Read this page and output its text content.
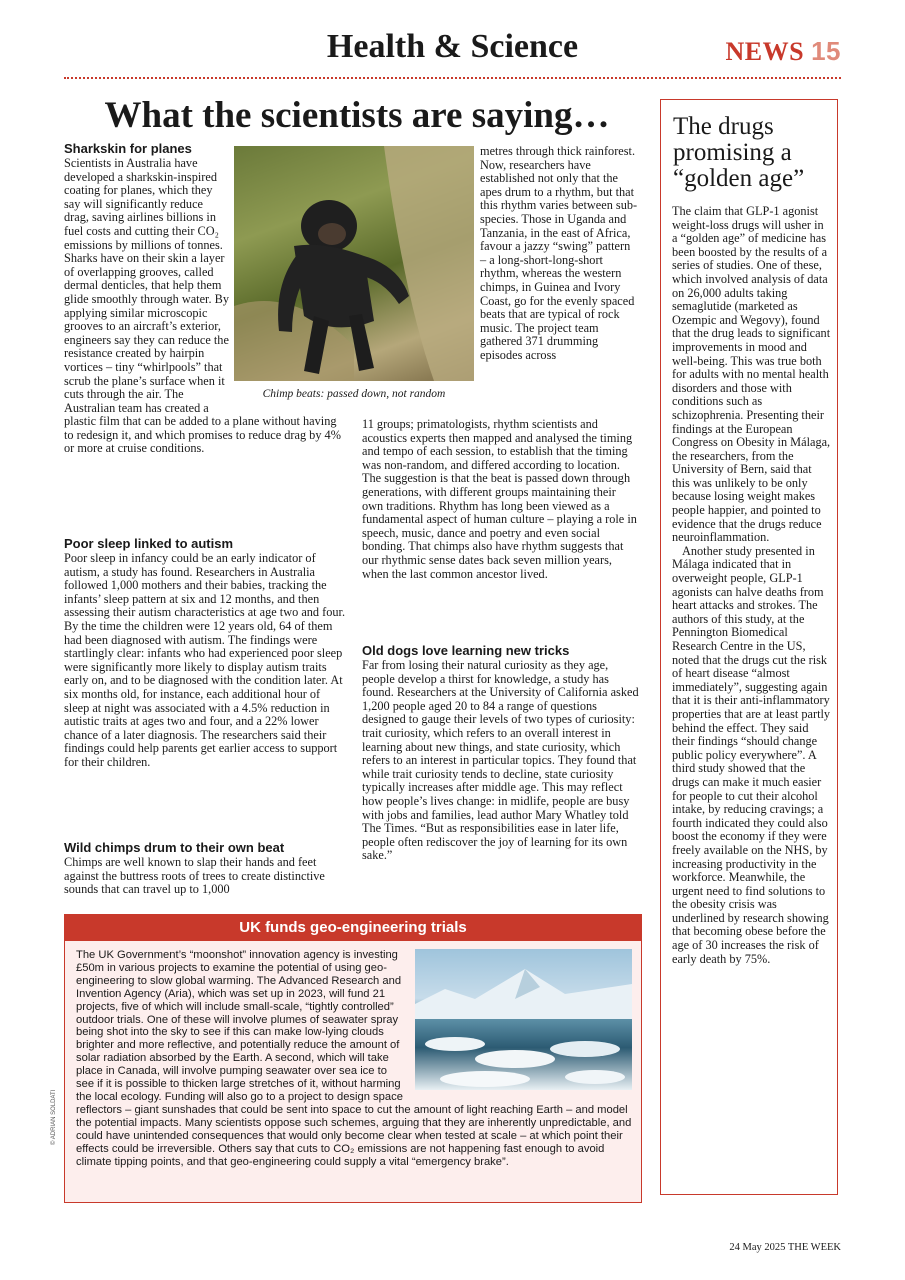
Health & Science	NEWS 15
What the scientists are saying…
Sharkskin for planes

Scientists in Australia have developed a sharkskin-inspired coating for planes, which they say will significantly reduce drag, saving airlines billions in fuel costs and cutting their CO₂ emissions by millions of tonnes. Sharks have on their skin a layer of overlapping grooves, called dermal denticles, that help them glide smoothly through water. By applying similar microscopic grooves to an aircraft’s exterior, engineers say they can reduce the resistance created by hairpin vortices – tiny “whirlpools” that scrub the plane’s surface when it cuts through the air. The Australian team has created a plastic film that can be added to a plane without having to redesign it, and which promises to reduce drag by 4% or more at cruise conditions.

Poor sleep linked to autism

Poor sleep in infancy could be an early indicator of autism, a study has found. Researchers in Australia followed 1,000 mothers and their babies, tracking the infants’ sleep pattern at six and 12 months, and then assessing their autism characteristics at age two and four. By the time the children were 12 years old, 64 of them had been diagnosed with autism. The findings were startlingly clear: infants who had experienced poor sleep were significantly more likely to display autism traits early on, and to be diagnosed with the condition later. At six months old, for instance, each additional hour of sleep at night was associated with a 4.5% reduction in autistic traits at ages two and four, and a 22% lower chance of a later diagnosis. The researchers said their findings could help parents get earlier access to support for their children.

Wild chimps drum to their own beat

Chimps are well known to slap their hands and feet against the buttress roots of trees to create distinctive sounds that can travel up to 1,000

Chimp beats: passed down, not random

metres through thick rainforest. Now, researchers have established not only that the apes drum to a rhythm, but that this rhythm varies between sub-species. Those in Uganda and Tanzania, in the east of Africa, favour a jazzy “swing” pattern – a long-short-long-short rhythm, whereas the western chimps, in Guinea and Ivory Coast, go for the evenly spaced beats that are typical of rock music. The project team gathered 371 drumming episodes across

11 groups; primatologists, rhythm scientists and acoustics experts then mapped and analysed the timing and tempo of each session, to establish that the timing was non-random, and differed according to location. The suggestion is that the beat is passed down through generations, with different groups maintaining their own traditions. Rhythm has long been viewed as a fundamental aspect of human culture – playing a role in speech, music, dance and poetry and even social bonding. That chimps also have rhythm suggests that our rhythmic sense dates back seven million years, when the last common ancestor lived.

Old dogs love learning new tricks

Far from losing their natural curiosity as they age, people develop a thirst for knowledge, a study has found. Researchers at the University of California asked 1,200 people aged 20 to 84 a range of questions designed to gauge their levels of two types of curiosity: trait curiosity, which refers to an overall interest in learning about new things, and state curiosity, which refers to an interest in particular topics. They found that while trait curiosity tends to decline, state curiosity typically increases after middle age. This may reflect how people’s lives change: in midlife, people are busy with jobs and families, lead author Mary Whatley told The Times. “But as responsibilities ease in later life, people often rediscover the joy of learning for its own sake.”

The drugs promising a “golden age”

The claim that GLP-1 agonist weight-loss drugs will usher in a “golden age” of medicine has been boosted by the results of a series of studies. One of these, which involved analysis of data on 26,000 adults taking semaglutide (marketed as Ozempic and Wegovy), found that the drug leads to significant improvements in mood and well-being. This was true both for adults with no mental health disorders and those with conditions such as schizophrenia. Presenting their findings at the European Congress on Obesity in Málaga, the researchers, from the University of Bern, said that this was unlikely to be only because losing weight makes people happier, and pointed to evidence that the drugs reduce neuroinflammation.

Another study presented in Málaga indicated that in overweight people, GLP-1 agonists can halve deaths from heart attacks and strokes. The authors of this study, at the Pennington Biomedical Research Centre in the US, noted that the drugs cut the risk of heart disease “almost immediately”, suggesting again that it is their anti-inflammatory properties that are at least partly behind the effect. They said their findings “should change public policy everywhere”. A third study showed that the drugs can make it much easier for people to cut their alcohol intake, by reducing cravings; a fourth indicated they could also boost the economy if they were freely available on the NHS, by increasing productivity in the workforce. Meanwhile, the urgent need to find solutions to the obesity crisis was underlined by research showing that becoming obese before the age of 30 increases the risk of early death by 75%.

UK funds geo-engineering trials

The UK Government’s “moonshot” innovation agency is investing £50m in various projects to examine the potential of using geo-engineering to slow global warming. The Advanced Research and Invention Agency (Aria), which was set up in 2023, will fund 21 projects, five of which will include small-scale, “tightly controlled” outdoor trials. One of these will involve plumes of seawater spray being shot into the sky to see if this can make low-lying clouds brighter and more reflective, and potentially reduce the amount of solar radiation absorbed by the Earth. A second, which will take place in Canada, will involve pumping seawater over sea ice to see if it is possible to thicken large stretches of it, without harming the local ecology. Funding will also go to a project to design space reflectors – giant sunshades that could be sent into space to cut the amount of light reaching Earth – and model the potential impacts. Many scientists oppose such schemes, arguing that they are inherently unpredictable, and could have unintended consequences that would only become clear when tested at scale – at which point their effects could be irreversible. Others say that cuts to CO₂ emissions are not happening fast enough to avoid climate tipping points, and that geo-engineering could supply a vital “emergency brake”.

© ADRIAN SOLDATI
24 May 2025 THE WEEK
